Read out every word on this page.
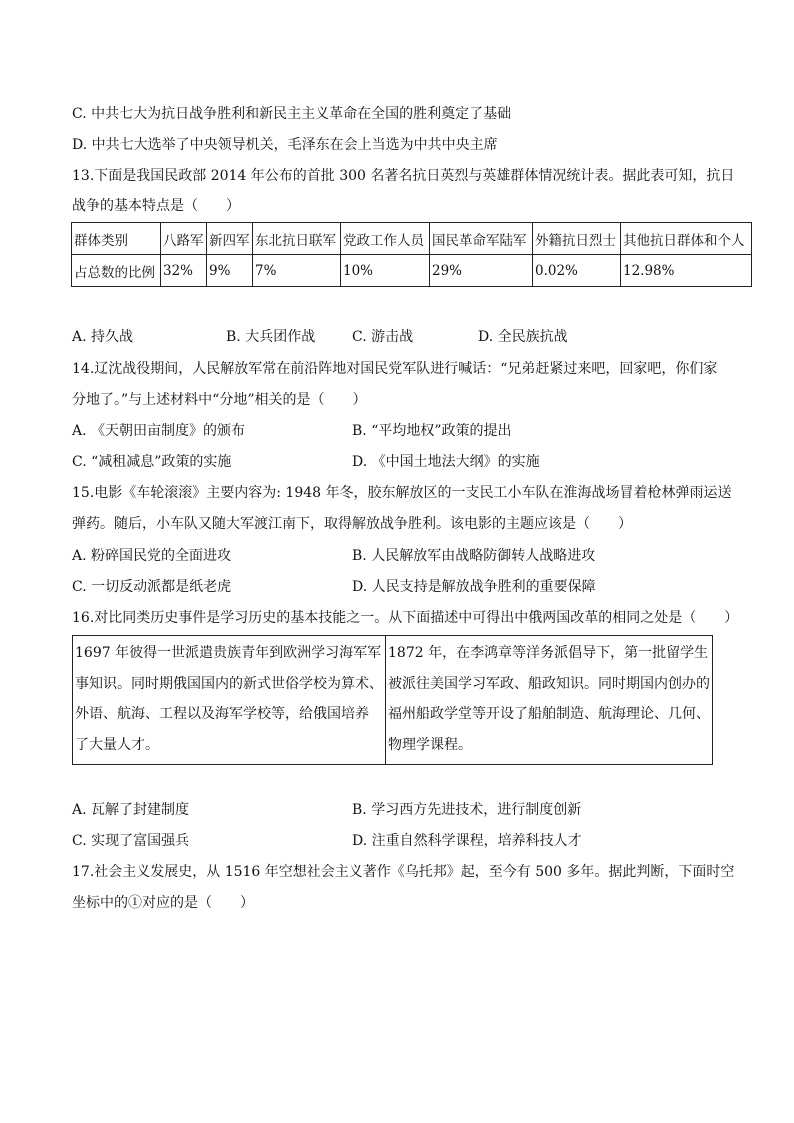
C. 中共七大为抗日战争胜利和新民主主义革命在全国的胜利奠定了基础
D. 中共七大选举了中央领导机关，毛泽东在会上当选为中共中央主席
13.下面是我国民政部 2014 年公布的首批 300 名著名抗日英烈与英雄群体情况统计表。据此表可知，抗日
战争的基本特点是（　　）
群体类别	八路军	新四军	东北抗日联军	党政工作人员	国民革命军陆军	外籍抗日烈士	其他抗日群体和个人
占总数的比例	32%	9%	7%	10%	29%	0.02%	12.98%
A. 持久战	B. 大兵团作战	C. 游击战	D. 全民族抗战
14.辽沈战役期间，人民解放军常在前沿阵地对国民党军队进行喊话：“兄弟赶紧过来吧，回家吧，你们家
分地了。”与上述材料中“分地”相关的是（　　）
A. 《天朝田亩制度》的颁布	B. “平均地权”政策的提出
C. “减租减息”政策的实施	D. 《中国土地法大纲》的实施
15.电影《车轮滚滚》主要内容为: 1948 年冬，胶东解放区的一支民工小车队在淮海战场冒着枪林弹雨运送
弹药。随后，小车队又随大军渡江南下，取得解放战争胜利。该电影的主题应该是（　　）
A. 粉碎国民党的全面进攻	B. 人民解放军由战略防御转人战略进攻
C. 一切反动派都是纸老虎	D. 人民支持是解放战争胜利的重要保障
16.对比同类历史事件是学习历史的基本技能之一。从下面描述中可得出中俄两国改革的相同之处是（　　）
1697 年彼得一世派遣贵族青年到欧洲学习海军军
事知识。同时期俄国国内的新式世俗学校为算术、
外语、航海、工程以及海军学校等，给俄国培养
了大量人才。

1872 年，在李鸿章等洋务派倡导下，第一批留学生
被派往美国学习军政、船政知识。同时期国内创办的
福州船政学堂等开设了船舶制造、航海理论、几何、
物理学课程。
A. 瓦解了封建制度	B. 学习西方先进技术，进行制度创新
C. 实现了富国强兵	D. 注重自然科学课程，培养科技人才
17.社会主义发展史，从 1516 年空想社会主义著作《乌托邦》起，至今有 500 多年。据此判断，下面时空
坐标中的①对应的是（　　）
